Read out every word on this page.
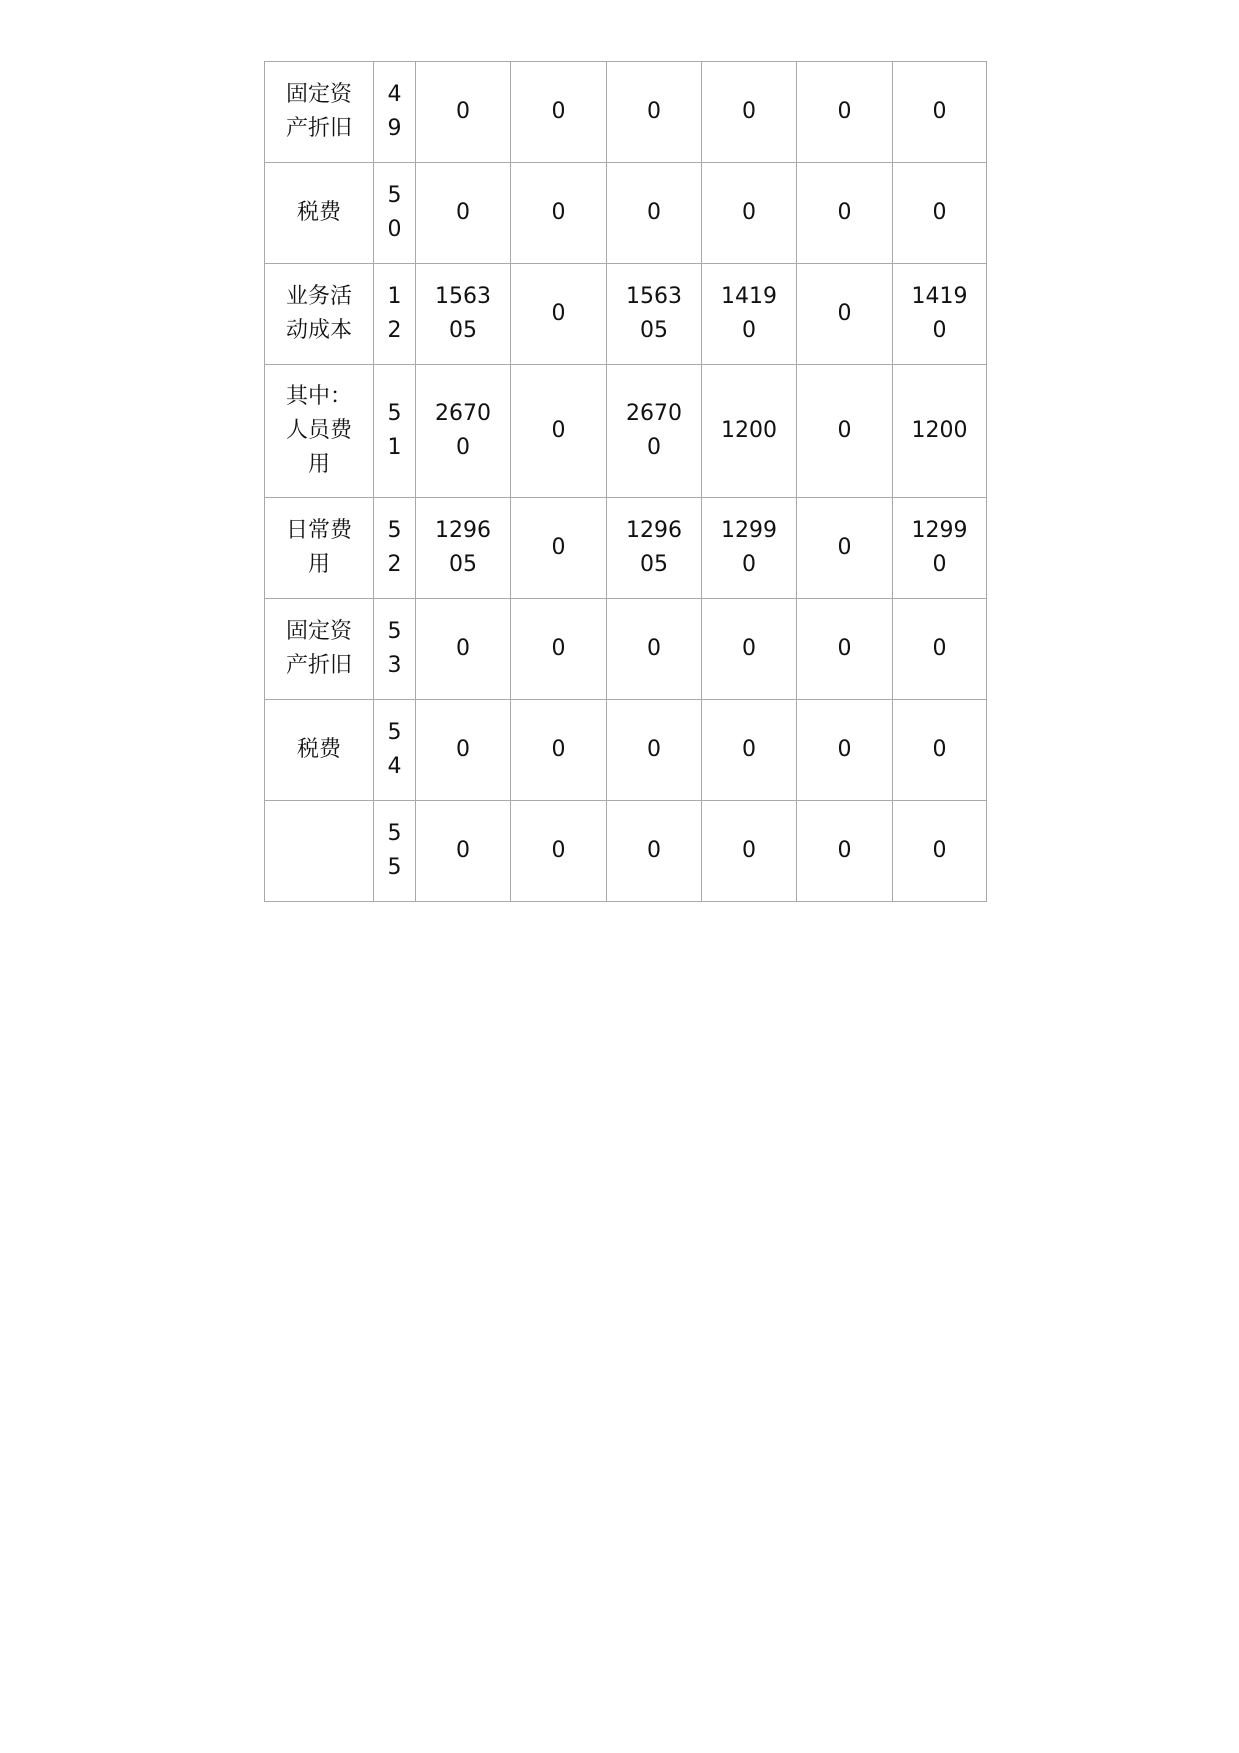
固定资产折旧	49	0	0	0	0	0	0
税费	50	0	0	0	0	0	0
业务活动成本	12	156305	0	156305	14190	0	14190
其中：人员费用	51	26700	0	26700	1200	0	1200
日常费用	52	129605	0	129605	12990	0	12990
固定资产折旧	53	0	0	0	0	0	0
税费	54	0	0	0	0	0	0
	55	0	0	0	0	0	0
